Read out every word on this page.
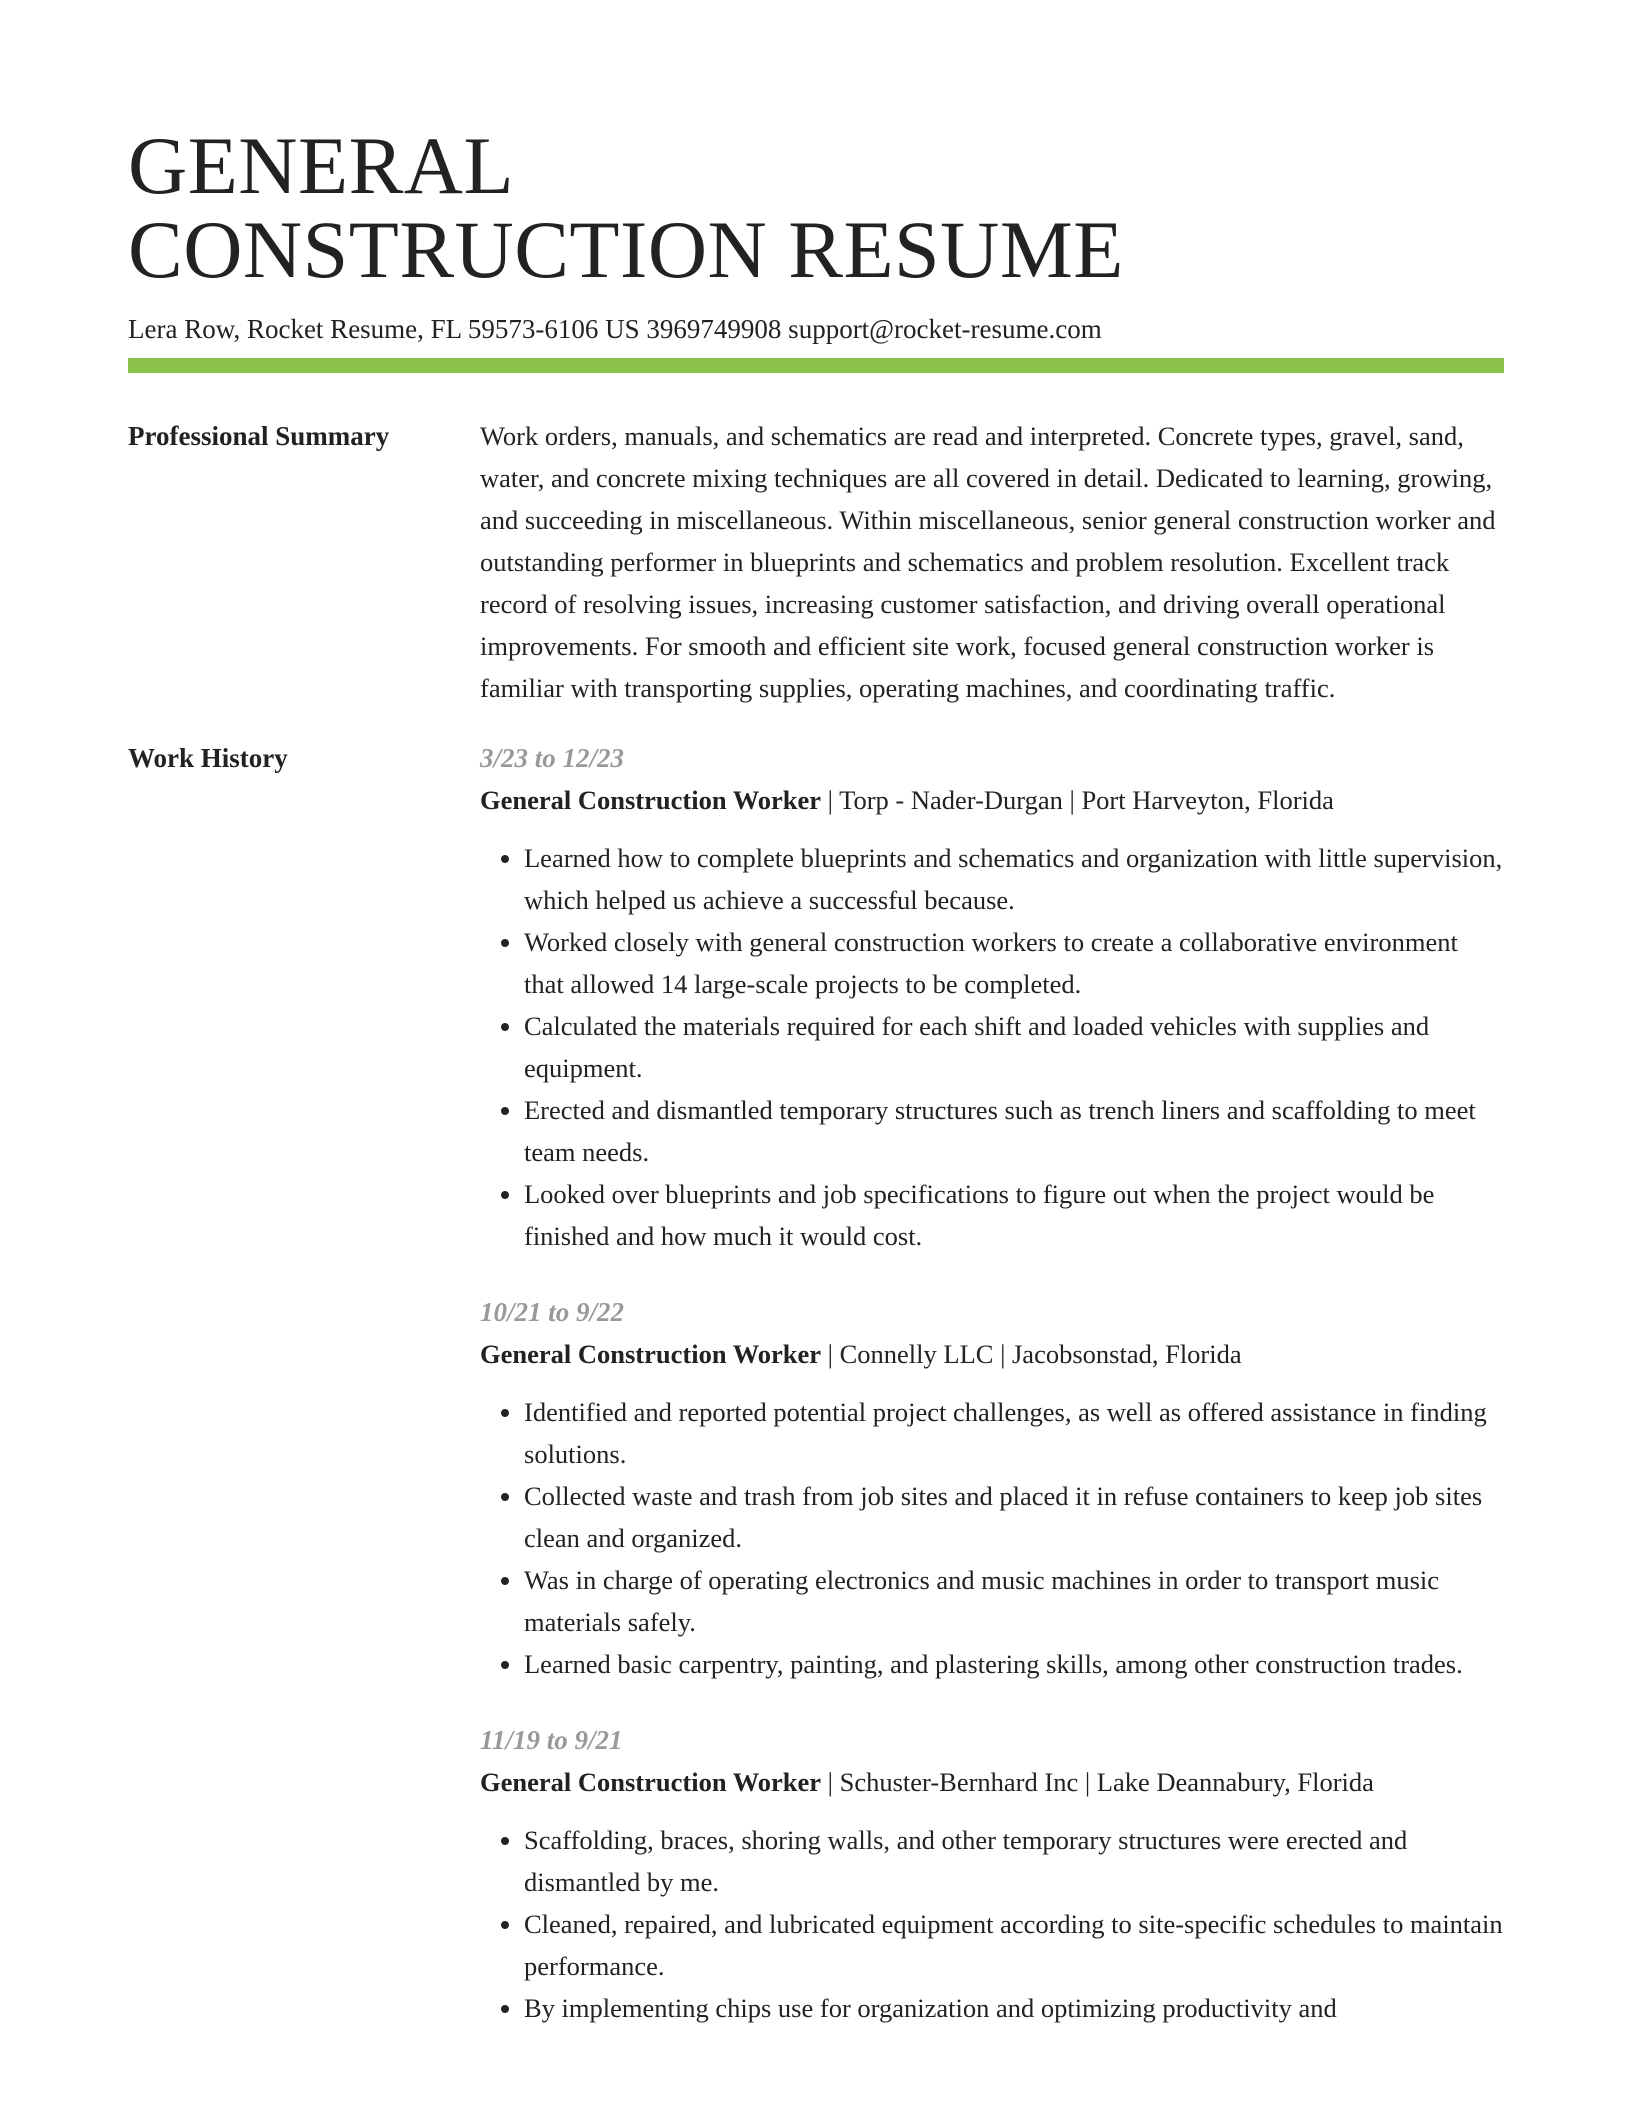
GENERAL
CONSTRUCTION RESUME
Lera Row, Rocket Resume, FL 59573-6106 US 3969749908 support@rocket-resume.com
Professional Summary	Work orders, manuals, and schematics are read and interpreted. Concrete types, gravel, sand, water, and concrete mixing techniques are all covered in detail. Dedicated to learning, growing, and succeeding in miscellaneous. Within miscellaneous, senior general construction worker and outstanding performer in blueprints and schematics and problem resolution. Excellent track record of resolving issues, increasing customer satisfaction, and driving overall operational improvements. For smooth and efficient site work, focused general construction worker is familiar with transporting supplies, operating machines, and coordinating traffic.

Work History	3/23 to 12/23
General Construction Worker | Torp - Nader-Durgan | Port Harveyton, Florida
• Learned how to complete blueprints and schematics and organization with little supervision, which helped us achieve a successful because.
• Worked closely with general construction workers to create a collaborative environment that allowed 14 large-scale projects to be completed.
• Calculated the materials required for each shift and loaded vehicles with supplies and equipment.
• Erected and dismantled temporary structures such as trench liners and scaffolding to meet team needs.
• Looked over blueprints and job specifications to figure out when the project would be finished and how much it would cost.
10/21 to 9/22
General Construction Worker | Connelly LLC | Jacobsonstad, Florida
• Identified and reported potential project challenges, as well as offered assistance in finding solutions.
• Collected waste and trash from job sites and placed it in refuse containers to keep job sites clean and organized.
• Was in charge of operating electronics and music machines in order to transport music materials safely.
• Learned basic carpentry, painting, and plastering skills, among other construction trades.
11/19 to 9/21
General Construction Worker | Schuster-Bernhard Inc | Lake Deannabury, Florida
• Scaffolding, braces, shoring walls, and other temporary structures were erected and dismantled by me.
• Cleaned, repaired, and lubricated equipment according to site-specific schedules to maintain performance.
• By implementing chips use for organization and optimizing productivity and
